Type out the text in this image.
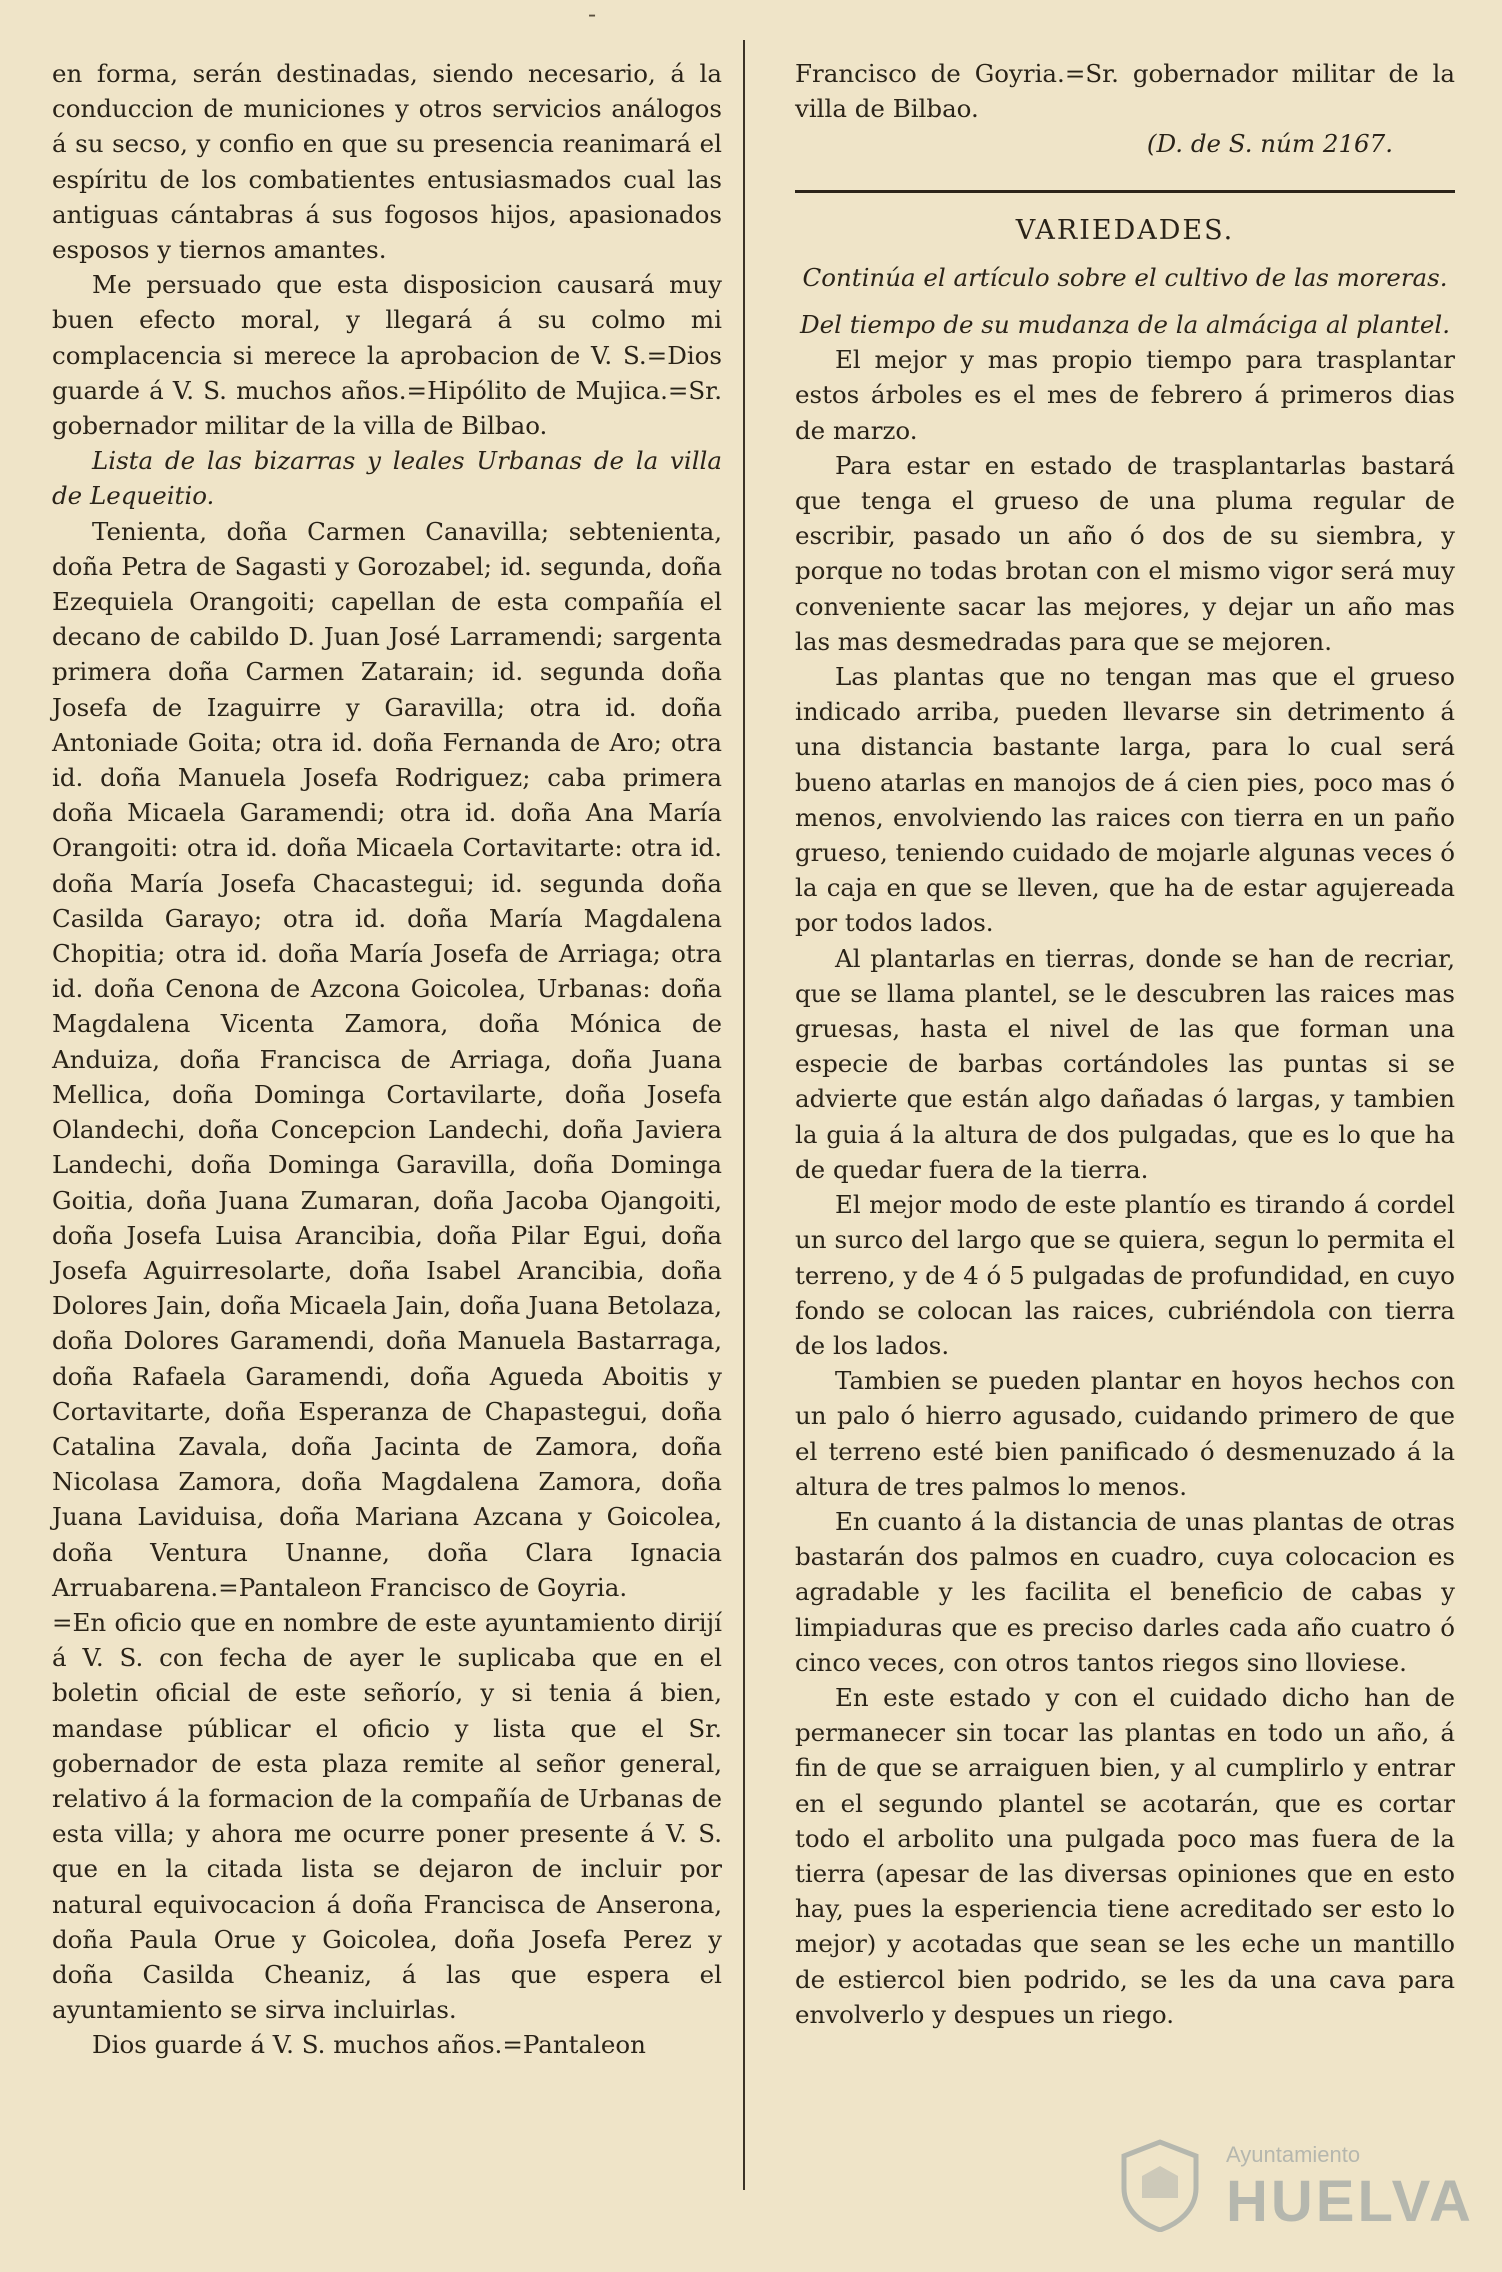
-

en forma, serán destinadas, siendo necesario, á la conduccion de municiones y otros servicios análogos á su secso, y confio en que su presencia reanimará el espíritu de los combatientes entusiasmados cual las antiguas cántabras á sus fogosos hijos, apasionados esposos y tiernos amantes.

Me persuado que esta disposicion causará muy buen efecto moral, y llegará á su colmo mi complacencia si merece la aprobacion de V. S.=Dios guarde á V. S. muchos años.=Hipólito de Mujica.=Sr. gobernador militar de la villa de Bilbao.

Lista de las bizarras y leales Urbanas de la villa de Lequeitio.

Tenienta, doña Carmen Canavilla; sebtenienta, doña Petra de Sagasti y Gorozabel; id. segunda, doña Ezequiela Orangoiti; capellan de esta compañía el decano de cabildo D. Juan José Larramendi; sargenta primera doña Carmen Zatarain; id. segunda doña Josefa de Izaguirre y Garavilla; otra id. doña Antoniade Goita; otra id. doña Fernanda de Aro; otra id. doña Manuela Josefa Rodriguez; caba primera doña Micaela Garamendi; otra id. doña Ana María Orangoiti: otra id. doña Micaela Cortavitarte: otra id. doña María Josefa Chacastegui; id. segunda doña Casilda Garayo; otra id. doña María Magdalena Chopitia; otra id. doña María Josefa de Arriaga; otra id. doña Cenona de Azcona Goicolea, Urbanas: doña Magdalena Vicenta Zamora, doña Mónica de Anduiza, doña Francisca de Arriaga, doña Juana Mellica, doña Dominga Cortavilarte, doña Josefa Olandechi, doña Concepcion Landechi, doña Javiera Landechi, doña Dominga Garavilla, doña Dominga Goitia, doña Juana Zumaran, doña Jacoba Ojangoiti, doña Josefa Luisa Arancibia, doña Pilar Egui, doña Josefa Aguirresolarte, doña Isabel Arancibia, doña Dolores Jain, doña Micaela Jain, doña Juana Betolaza, doña Dolores Garamendi, doña Manuela Bastarraga, doña Rafaela Garamendi, doña Agueda Aboitis y Cortavitarte, doña Esperanza de Chapastegui, doña Catalina Zavala, doña Jacinta de Zamora, doña Nicolasa Zamora, doña Magdalena Zamora, doña Juana Laviduisa, doña Mariana Azcana y Goicolea, doña Ventura Unanne, doña Clara Ignacia Arruabarena.=Pantaleon Francisco de Goyria.

=En oficio que en nombre de este ayuntamiento dirijí á V. S. con fecha de ayer le suplicaba que en el boletin oficial de este señorío, y si tenia á bien, mandase públicar el oficio y lista que el Sr. gobernador de esta plaza remite al señor general, relativo á la formacion de la compañía de Urbanas de esta villa; y ahora me ocurre poner presente á V. S. que en la citada lista se dejaron de incluir por natural equivocacion á doña Francisca de Anserona, doña Paula Orue y Goicolea, doña Josefa Perez y doña Casilda Cheaniz, á las que espera el ayuntamiento se sirva incluirlas.

Dios guarde á V. S. muchos años.=Pantaleon

Francisco de Goyria.=Sr. gobernador militar de la villa de Bilbao.

(D. de S. núm 2167.

VARIEDADES.

Continúa el artículo sobre el cultivo de las moreras.

Del tiempo de su mudanza de la almáciga al plantel.

El mejor y mas propio tiempo para trasplantar estos árboles es el mes de febrero á primeros dias de marzo.

Para estar en estado de trasplantarlas bastará que tenga el grueso de una pluma regular de escribir, pasado un año ó dos de su siembra, y porque no todas brotan con el mismo vigor será muy conveniente sacar las mejores, y dejar un año mas las mas desmedradas para que se mejoren.

Las plantas que no tengan mas que el grueso indicado arriba, pueden llevarse sin detrimento á una distancia bastante larga, para lo cual será bueno atarlas en manojos de á cien pies, poco mas ó menos, envolviendo las raices con tierra en un paño grueso, teniendo cuidado de mojarle algunas veces ó la caja en que se lleven, que ha de estar agujereada por todos lados.

Al plantarlas en tierras, donde se han de recriar, que se llama plantel, se le descubren las raices mas gruesas, hasta el nivel de las que forman una especie de barbas cortándoles las puntas si se advierte que están algo dañadas ó largas, y tambien la guia á la altura de dos pulgadas, que es lo que ha de quedar fuera de la tierra.

El mejor modo de este plantío es tirando á cordel un surco del largo que se quiera, segun lo permita el terreno, y de 4 ó 5 pulgadas de profundidad, en cuyo fondo se colocan las raices, cubriéndola con tierra de los lados.

Tambien se pueden plantar en hoyos hechos con un palo ó hierro agusado, cuidando primero de que el terreno esté bien panificado ó desmenuzado á la altura de tres palmos lo menos.

En cuanto á la distancia de unas plantas de otras bastarán dos palmos en cuadro, cuya colocacion es agradable y les facilita el beneficio de cabas y limpiaduras que es preciso darles cada año cuatro ó cinco veces, con otros tantos riegos sino lloviese.

En este estado y con el cuidado dicho han de permanecer sin tocar las plantas en todo un año, á fin de que se arraiguen bien, y al cumplirlo y entrar en el segundo plantel se acotarán, que es cortar todo el arbolito una pulgada poco mas fuera de la tierra (apesar de las diversas opiniones que en esto hay, pues la esperiencia tiene acreditado ser esto lo mejor) y acotadas que sean se les eche un mantillo de estiercol bien podrido, se les da una cava para envolverlo y despues un riego.

Ayuntamiento
HUELVA
